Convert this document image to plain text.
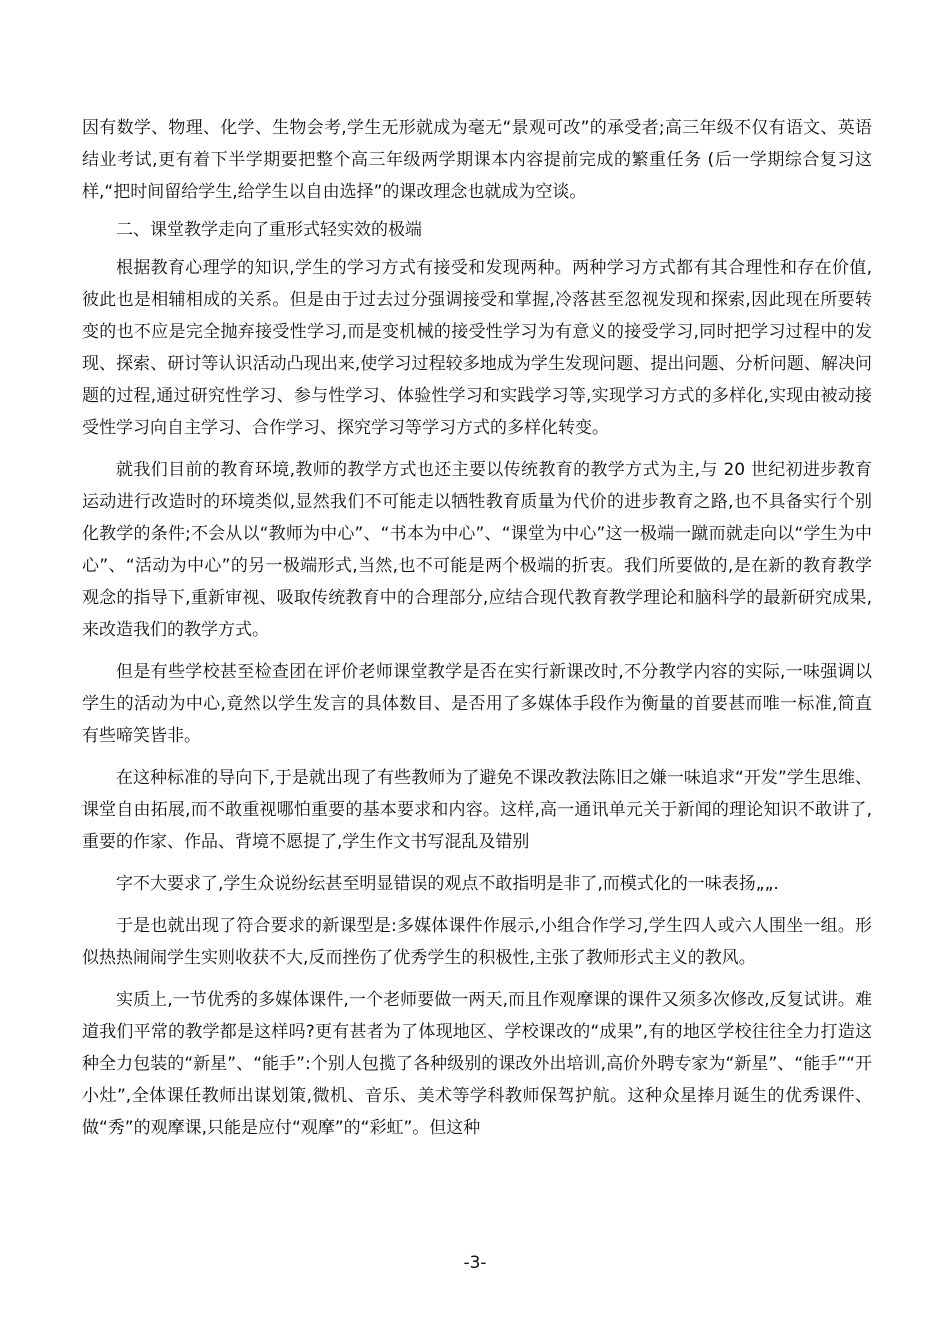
因有数学、物理、化学、生物会考,学生无形就成为毫无“景观可改”的承受者;高三年级不仅有语文、英语结业考试,更有着下半学期要把整个高三年级两学期课本内容提前完成的繁重任务 (后一学期综合复习这样,“把时间留给学生,给学生以自由选择”的课改理念也就成为空谈。

二、课堂教学走向了重形式轻实效的极端

根据教育心理学的知识,学生的学习方式有接受和发现两种。两种学习方式都有其合理性和存在价值,彼此也是相辅相成的关系。但是由于过去过分强调接受和掌握,冷落甚至忽视发现和探索,因此现在所要转变的也不应是完全抛弃接受性学习,而是变机械的接受性学习为有意义的接受学习,同时把学习过程中的发现、探索、研讨等认识活动凸现出来,使学习过程较多地成为学生发现问题、提出问题、分析问题、解决问题的过程,通过研究性学习、参与性学习、体验性学习和实践学习等,实现学习方式的多样化,实现由被动接受性学习向自主学习、合作学习、探究学习等学习方式的多样化转变。

就我们目前的教育环境,教师的教学方式也还主要以传统教育的教学方式为主,与 20 世纪初进步教育运动进行改造时的环境类似,显然我们不可能走以牺牲教育质量为代价的进步教育之路,也不具备实行个别化教学的条件;不会从以“教师为中心”、“书本为中心”、“课堂为中心”这一极端一蹴而就走向以“学生为中心”、“活动为中心”的另一极端形式,当然,也不可能是两个极端的折衷。我们所要做的,是在新的教育教学观念的指导下,重新审视、吸取传统教育中的合理部分,应结合现代教育教学理论和脑科学的最新研究成果,来改造我们的教学方式。

但是有些学校甚至检查团在评价老师课堂教学是否在实行新课改时,不分教学内容的实际,一味强调以学生的活动为中心,竟然以学生发言的具体数目、是否用了多媒体手段作为衡量的首要甚而唯一标准,简直有些啼笑皆非。

在这种标准的导向下,于是就出现了有些教师为了避免不课改教法陈旧之嫌一味追求“开发”学生思维、课堂自由拓展,而不敢重视哪怕重要的基本要求和内容。这样,高一通讯单元关于新闻的理论知识不敢讲了,重要的作家、作品、背境不愿提了,学生作文书写混乱及错别

字不大要求了,学生众说纷纭甚至明显错误的观点不敢指明是非了,而模式化的一味表扬„„.

于是也就出现了符合要求的新课型是:多媒体课件作展示,小组合作学习,学生四人或六人围坐一组。形似热热闹闹学生实则收获不大,反而挫伤了优秀学生的积极性,主张了教师形式主义的教风。

实质上,一节优秀的多媒体课件,一个老师要做一两天,而且作观摩课的课件又须多次修改,反复试讲。难道我们平常的教学都是这样吗?更有甚者为了体现地区、学校课改的“成果”,有的地区学校往往全力打造这种全力包装的“新星”、“能手”:个别人包揽了各种级别的课改外出培训,高价外聘专家为“新星”、“能手”“开小灶”,全体课任教师出谋划策,微机、音乐、美术等学科教师保驾护航。这种众星捧月诞生的优秀课件、做“秀”的观摩课,只能是应付“观摩”的“彩虹”。但这种

-3-
